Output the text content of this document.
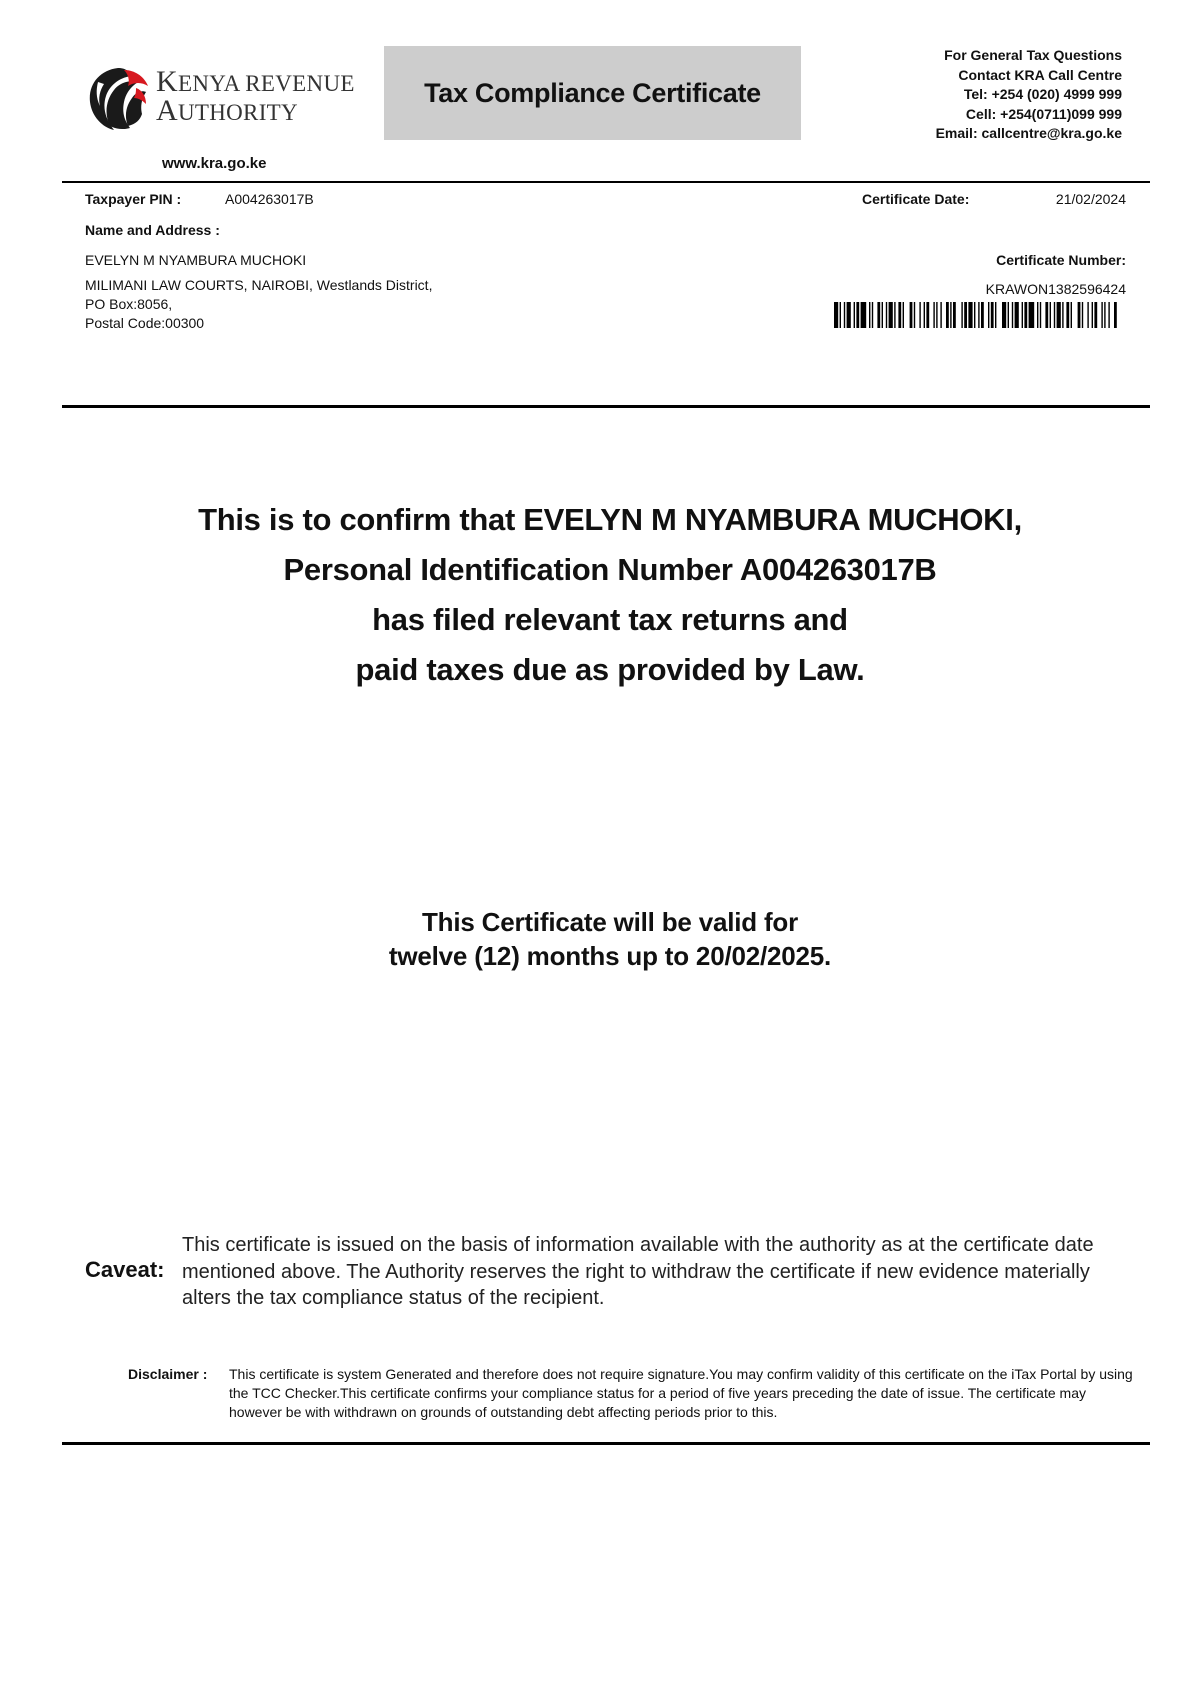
KENYA REVENUE
AUTHORITY
www.kra.go.ke
Tax Compliance Certificate
For General Tax Questions
Contact KRA Call Centre
Tel: +254 (020) 4999 999
Cell: +254(0711)099 999
Email: callcentre@kra.go.ke
Taxpayer PIN :	A004263017B
Name and Address :
EVELYN M NYAMBURA MUCHOKI
MILIMANI LAW COURTS, NAIROBI, Westlands District,
PO Box:8056,
Postal Code:00300
Certificate Date:	21/02/2024
Certificate Number:
KRAWON1382596424
This is to confirm that EVELYN M NYAMBURA MUCHOKI,
Personal Identification Number A004263017B
has filed relevant tax returns and
paid taxes due as provided by Law.
This Certificate will be valid for
twelve (12) months up to 20/02/2025.
Caveat:
This certificate is issued on the basis of information available with the authority as at the certificate date mentioned above. The Authority reserves the right to withdraw the certificate if new evidence materially alters the tax compliance status of the recipient.
Disclaimer : This certificate is system Generated and therefore does not require signature.You may confirm validity of this certificate on the iTax Portal by using the TCC Checker.This certificate confirms your compliance status for a period of five years preceding the date of issue. The certificate may however be with withdrawn on grounds of outstanding debt affecting periods prior to this.
